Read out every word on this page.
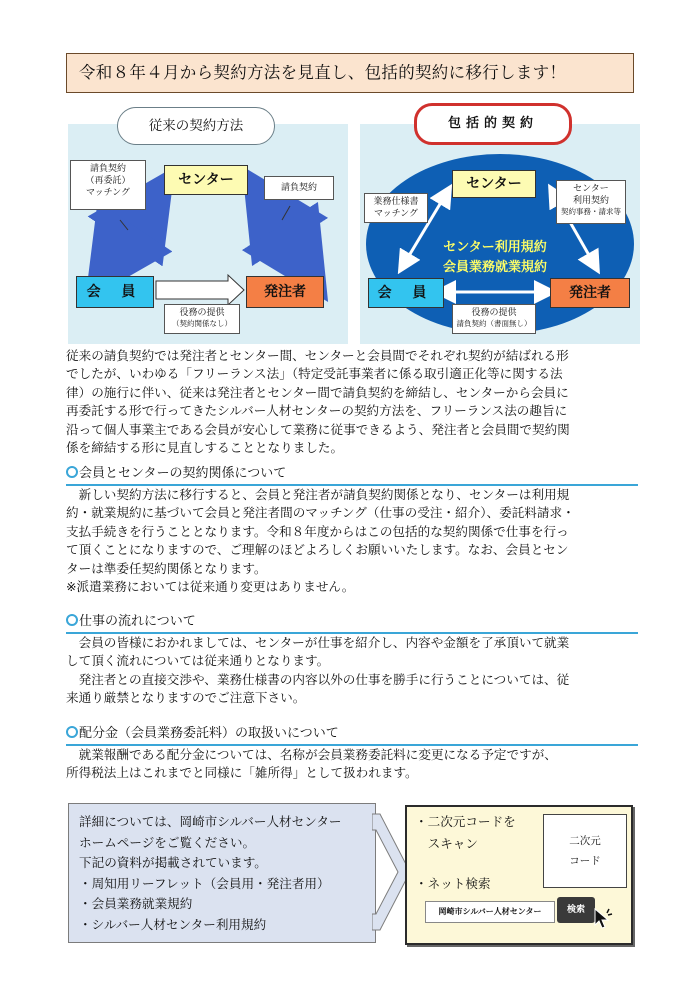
令和８年４月から契約方法を見直し、包括的契約に移行します！
従来の契約方法
センター
会 員	発注者
請負契約
（再委託）
マッチング
請負契約
役務の提供
（契約関係なし）
包括的契約
センター
会 員	発注者
業務仕様書
マッチング
センター
利用契約
契約事務・請求等
センター利用規約
会員業務就業規約
役務の提供
請負契約（書面無し）
従来の請負契約では発注者とセンター間、センターと会員間でそれぞれ契約が結ばれる形
でしたが、いわゆる「フリーランス法」（特定受託事業者に係る取引適正化等に関する法
律）の施行に伴い、従来は発注者とセンター間で請負契約を締結し、センターから会員に
再委託する形で行ってきたシルバー人材センターの契約方法を、フリーランス法の趣旨に
沿って個人事業主である会員が安心して業務に従事できるよう、発注者と会員間で契約関
係を締結する形に見直しすることとなりました。
会員とセンターの契約関係について
　新しい契約方法に移行すると、会員と発注者が請負契約関係となり、センターは利用規
約・就業規約に基づいて会員と発注者間のマッチング（仕事の受注・紹介）、委託料請求・
支払手続きを行うこととなります。令和８年度からはこの包括的な契約関係で仕事を行っ
て頂くことになりますので、ご理解のほどよろしくお願いいたします。なお、会員とセン
ターは準委任契約関係となります。
※派遣業務においては従来通り変更はありません。
仕事の流れについて
　会員の皆様におかれましては、センターが仕事を紹介し、内容や金額を了承頂いて就業
して頂く流れについては従来通りとなります。
　発注者との直接交渉や、業務仕様書の内容以外の仕事を勝手に行うことについては、従
来通り厳禁となりますのでご注意下さい。
配分金（会員業務委託料）の取扱いについて
　就業報酬である配分金については、名称が会員業務委託料に変更になる予定ですが、
所得税法上はこれまでと同様に「雑所得」として扱われます。
詳細については、岡崎市シルバー人材センター
ホームページをご覧ください。
下記の資料が掲載されています。
・周知用リーフレット（会員用・発注者用）
・会員業務就業規約
・シルバー人材センター利用規約
・二次元コードを
　スキャン	二次元
コード
・ネット検索
岡崎市シルバー人材センター	検索
